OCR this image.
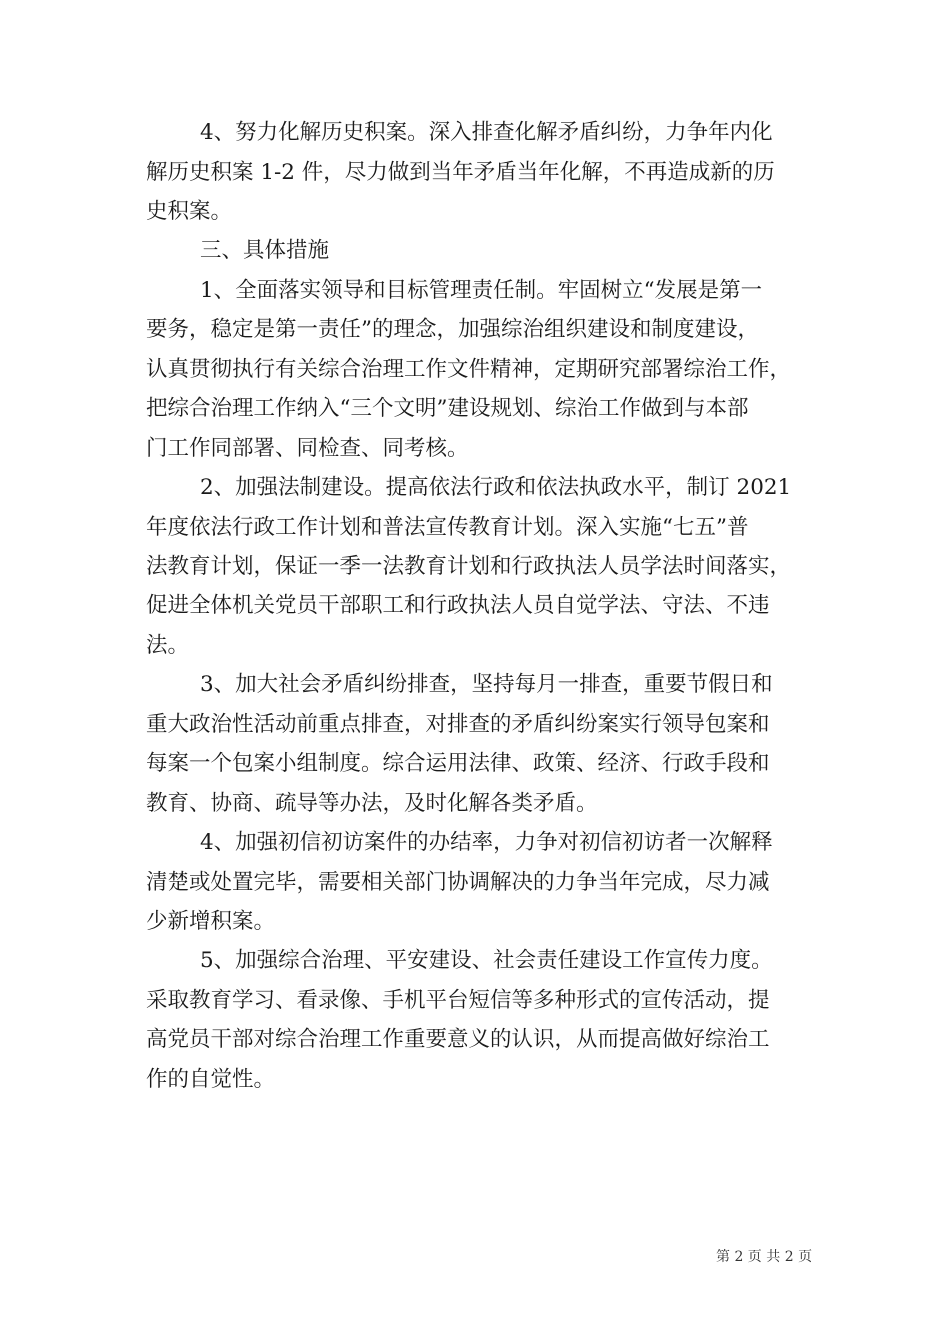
4、努力化解历史积案。深入排查化解矛盾纠纷，力争年内化
解历史积案 1-2 件，尽力做到当年矛盾当年化解，不再造成新的历
史积案。
三、具体措施
1、全面落实领导和目标管理责任制。牢固树立“发展是第一
要务，稳定是第一责任”的理念，加强综治组织建设和制度建设，
认真贯彻执行有关综合治理工作文件精神，定期研究部署综治工作，
把综合治理工作纳入“三个文明”建设规划、综治工作做到与本部
门工作同部署、同检查、同考核。
2、加强法制建设。提高依法行政和依法执政水平，制订 2021
年度依法行政工作计划和普法宣传教育计划。深入实施“七五”普
法教育计划，保证一季一法教育计划和行政执法人员学法时间落实，
促进全体机关党员干部职工和行政执法人员自觉学法、守法、不违
法。
3、加大社会矛盾纠纷排查，坚持每月一排查，重要节假日和
重大政治性活动前重点排查，对排查的矛盾纠纷案实行领导包案和
每案一个包案小组制度。综合运用法律、政策、经济、行政手段和
教育、协商、疏导等办法，及时化解各类矛盾。
4、加强初信初访案件的办结率，力争对初信初访者一次解释
清楚或处置完毕，需要相关部门协调解决的力争当年完成，尽力减
少新增积案。
5、加强综合治理、平安建设、社会责任建设工作宣传力度。
采取教育学习、看录像、手机平台短信等多种形式的宣传活动，提
高党员干部对综合治理工作重要意义的认识，从而提高做好综治工
作的自觉性。
第 2 页 共 2 页
